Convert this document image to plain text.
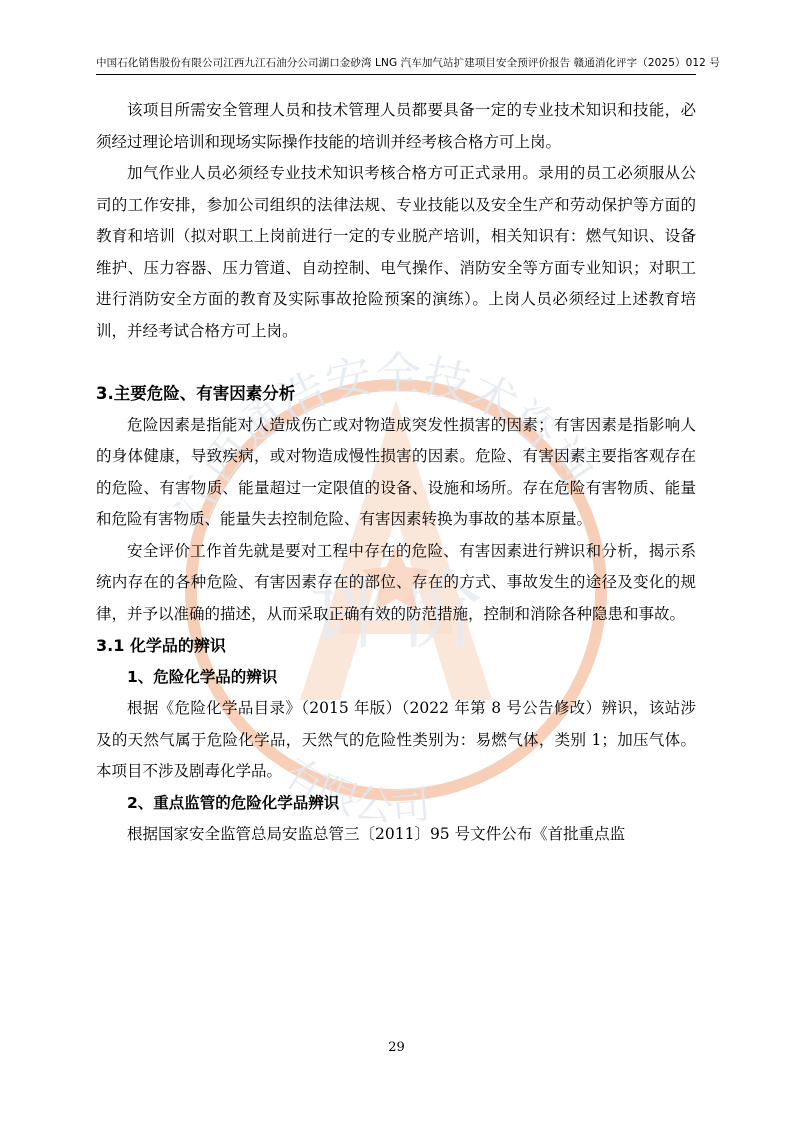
江西通浩安全技术咨询
有限公司
评价
中国石化销售股份有限公司江西九江石油分公司湖口金砂湾 LNG 汽车加气站扩建项目安全预评价报告 赣通消化评字（2025）012 号

该项目所需安全管理人员和技术管理人员都要具备一定的专业技术知识和技能，必须经过理论培训和现场实际操作技能的培训并经考核合格方可上岗。

加气作业人员必须经专业技术知识考核合格方可正式录用。录用的员工必须服从公司的工作安排，参加公司组织的法律法规、专业技能以及安全生产和劳动保护等方面的教育和培训（拟对职工上岗前进行一定的专业脱产培训，相关知识有：燃气知识、设备维护、压力容器、压力管道、自动控制、电气操作、消防安全等方面专业知识；对职工进行消防安全方面的教育及实际事故抢险预案的演练）。上岗人员必须经过上述教育培训，并经考试合格方可上岗。

3.主要危险、有害因素分析

危险因素是指能对人造成伤亡或对物造成突发性损害的因素；有害因素是指影响人的身体健康，导致疾病，或对物造成慢性损害的因素。危险、有害因素主要指客观存在的危险、有害物质、能量超过一定限值的设备、设施和场所。存在危险有害物质、能量和危险有害物质、能量失去控制危险、有害因素转换为事故的基本原量。

安全评价工作首先就是要对工程中存在的危险、有害因素进行辨识和分析，揭示系统内存在的各种危险、有害因素存在的部位、存在的方式、事故发生的途径及变化的规律，并予以准确的描述，从而采取正确有效的防范措施，控制和消除各种隐患和事故。

3.1 化学品的辨识
1、危险化学品的辨识

根据《危险化学品目录》（2015 年版）（2022 年第 8 号公告修改）辨识，该站涉及的天然气属于危险化学品，天然气的危险性类别为：易燃气体，类别 1；加压气体。本项目不涉及剧毒化学品。

2、重点监管的危险化学品辨识

根据国家安全监管总局安监总管三〔2011〕95 号文件公布《首批重点监

29
